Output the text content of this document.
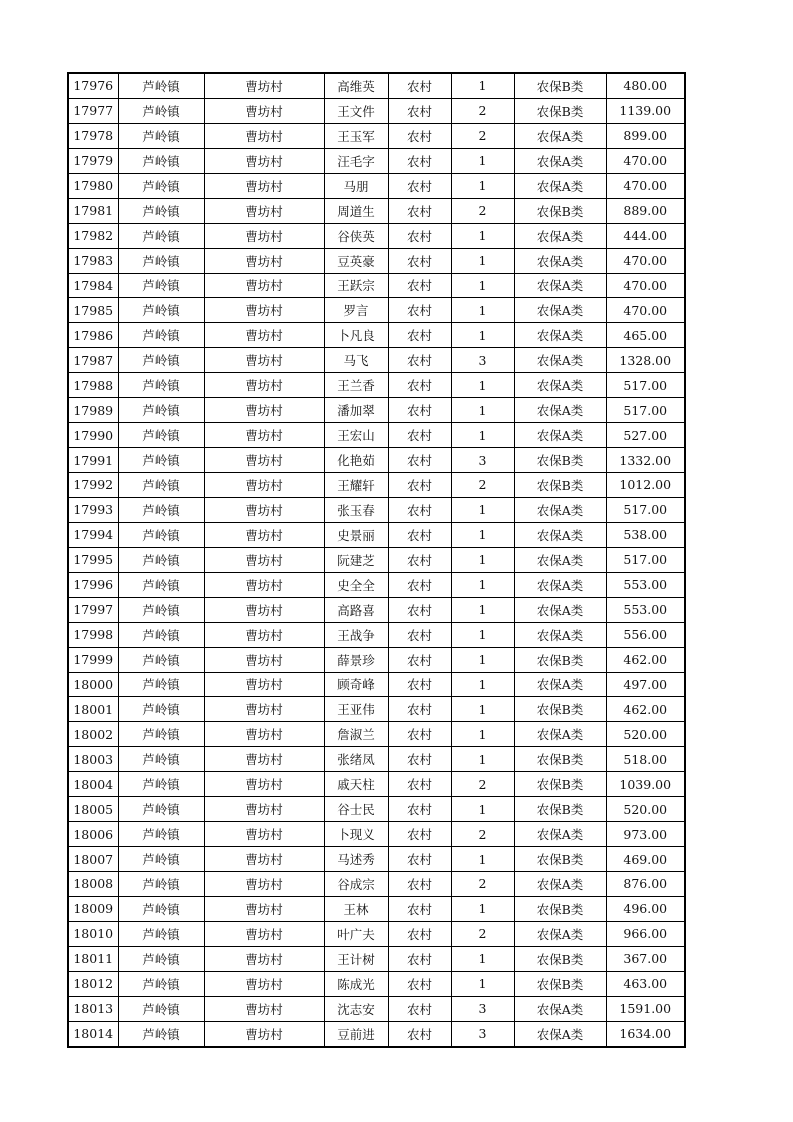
17976	芦岭镇	曹坊村	高维英	农村	1	农保B类	480.00
17977	芦岭镇	曹坊村	王文件	农村	2	农保B类	1139.00
17978	芦岭镇	曹坊村	王玉军	农村	2	农保A类	899.00
17979	芦岭镇	曹坊村	汪毛字	农村	1	农保A类	470.00
17980	芦岭镇	曹坊村	马朋	农村	1	农保A类	470.00
17981	芦岭镇	曹坊村	周道生	农村	2	农保B类	889.00
17982	芦岭镇	曹坊村	谷侠英	农村	1	农保A类	444.00
17983	芦岭镇	曹坊村	豆英豪	农村	1	农保A类	470.00
17984	芦岭镇	曹坊村	王跃宗	农村	1	农保A类	470.00
17985	芦岭镇	曹坊村	罗言	农村	1	农保A类	470.00
17986	芦岭镇	曹坊村	卜凡良	农村	1	农保A类	465.00
17987	芦岭镇	曹坊村	马飞	农村	3	农保A类	1328.00
17988	芦岭镇	曹坊村	王兰香	农村	1	农保A类	517.00
17989	芦岭镇	曹坊村	潘加翠	农村	1	农保A类	517.00
17990	芦岭镇	曹坊村	王宏山	农村	1	农保A类	527.00
17991	芦岭镇	曹坊村	化艳茹	农村	3	农保B类	1332.00
17992	芦岭镇	曹坊村	王耀轩	农村	2	农保B类	1012.00
17993	芦岭镇	曹坊村	张玉春	农村	1	农保A类	517.00
17994	芦岭镇	曹坊村	史景丽	农村	1	农保A类	538.00
17995	芦岭镇	曹坊村	阮建芝	农村	1	农保A类	517.00
17996	芦岭镇	曹坊村	史全全	农村	1	农保A类	553.00
17997	芦岭镇	曹坊村	高路喜	农村	1	农保A类	553.00
17998	芦岭镇	曹坊村	王战争	农村	1	农保A类	556.00
17999	芦岭镇	曹坊村	薛景珍	农村	1	农保B类	462.00
18000	芦岭镇	曹坊村	顾奇峰	农村	1	农保A类	497.00
18001	芦岭镇	曹坊村	王亚伟	农村	1	农保B类	462.00
18002	芦岭镇	曹坊村	詹淑兰	农村	1	农保A类	520.00
18003	芦岭镇	曹坊村	张绪凤	农村	1	农保B类	518.00
18004	芦岭镇	曹坊村	戚天柱	农村	2	农保B类	1039.00
18005	芦岭镇	曹坊村	谷士民	农村	1	农保B类	520.00
18006	芦岭镇	曹坊村	卜现义	农村	2	农保A类	973.00
18007	芦岭镇	曹坊村	马述秀	农村	1	农保B类	469.00
18008	芦岭镇	曹坊村	谷成宗	农村	2	农保A类	876.00
18009	芦岭镇	曹坊村	王林	农村	1	农保B类	496.00
18010	芦岭镇	曹坊村	叶广夫	农村	2	农保A类	966.00
18011	芦岭镇	曹坊村	王计树	农村	1	农保B类	367.00
18012	芦岭镇	曹坊村	陈成光	农村	1	农保B类	463.00
18013	芦岭镇	曹坊村	沈志安	农村	3	农保A类	1591.00
18014	芦岭镇	曹坊村	豆前进	农村	3	农保A类	1634.00
